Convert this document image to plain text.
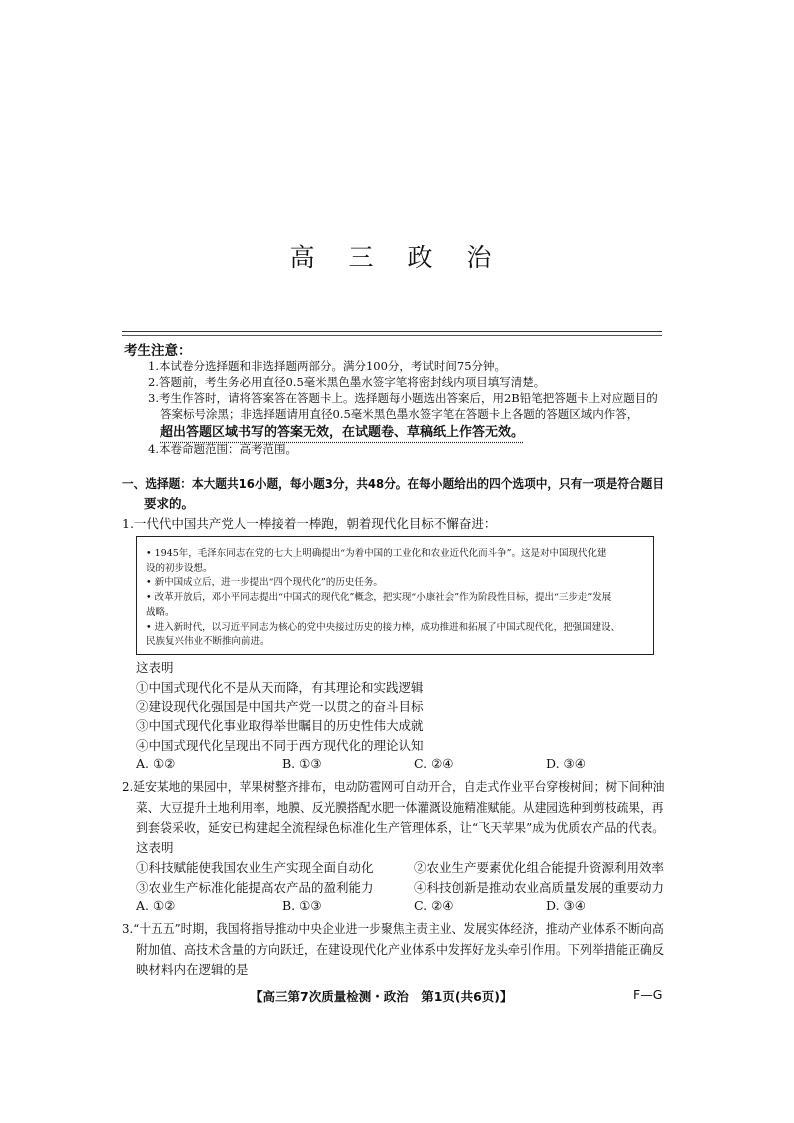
高 三 政 治
考生注意：
1.本试卷分选择题和非选择题两部分。满分100分，考试时间75分钟。
2.答题前，考生务必用直径0.5毫米黑色墨水签字笔将密封线内项目填写清楚。
3.考生作答时，请将答案答在答题卡上。选择题每小题选出答案后，用2B铅笔把答题卡上对应题目的
答案标号涂黑；非选择题请用直径0.5毫米黑色墨水签字笔在答题卡上各题的答题区域内作答，
超出答题区域书写的答案无效，在试题卷、草稿纸上作答无效。
4.本卷命题范围：高考范围。
一、选择题：本大题共16小题，每小题3分，共48分。在每小题给出的四个选项中，只有一项是符合题目
要求的。
1.一代代中国共产党人一棒接着一棒跑，朝着现代化目标不懈奋进：
• 1945年，毛泽东同志在党的七大上明确提出“为着中国的工业化和农业近代化而斗争”。这是对中国现代化建
设的初步设想。
• 新中国成立后，进一步提出“四个现代化”的历史任务。
• 改革开放后，邓小平同志提出“中国式的现代化”概念，把实现“小康社会”作为阶段性目标，提出“三步走”发展
战略。
• 进入新时代，以习近平同志为核心的党中央接过历史的接力棒，成功推进和拓展了中国式现代化，把强国建设、
民族复兴伟业不断推向前进。
这表明
①中国式现代化不是从天而降，有其理论和实践逻辑
②建设现代化强国是中国共产党一以贯之的奋斗目标
③中国式现代化事业取得举世瞩目的历史性伟大成就
④中国式现代化呈现出不同于西方现代化的理论认知
A. ①②	B. ①③	C. ②④	D. ③④
2.延安某地的果园中，苹果树整齐排布，电动防雹网可自动开合，自走式作业平台穿梭树间；树下间种油
菜、大豆提升土地利用率，地膜、反光膜搭配水肥一体灌溉设施精准赋能。从建园选种到剪枝疏果，再
到套袋采收，延安已构建起全流程绿色标准化生产管理体系，让“飞天苹果”成为优质农产品的代表。
这表明
①科技赋能使我国农业生产实现全面自动化	②农业生产要素优化组合能提升资源利用效率
③农业生产标准化能提高农产品的盈利能力	④科技创新是推动农业高质量发展的重要动力
A. ①②	B. ①③	C. ②④	D. ③④
3.“十五五”时期，我国将指导推动中央企业进一步聚焦主责主业、发展实体经济，推动产业体系不断向高
附加值、高技术含量的方向跃迁，在建设现代化产业体系中发挥好龙头牵引作用。下列举措能正确反
映材料内在逻辑的是
【高三第7次质量检测・政治　第1页(共6页)】	F—G
